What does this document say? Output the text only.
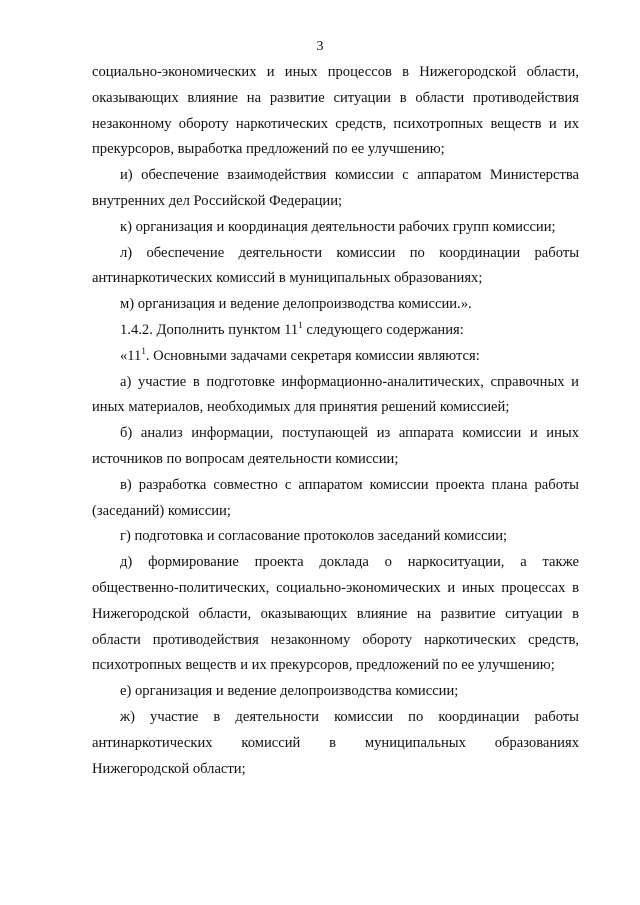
3

социально-экономических и иных процессов в Нижегородской области, оказывающих влияние на развитие ситуации в области противодействия незаконному обороту наркотических средств, психотропных веществ и их прекурсоров, выработка предложений по ее улучшению;

и) обеспечение взаимодействия комиссии с аппаратом Министерства внутренних дел Российской Федерации;

к) организация и координация деятельности рабочих групп комиссии;

л) обеспечение деятельности комиссии по координации работы антинаркотических комиссий в муниципальных образованиях;

м) организация и ведение делопроизводства комиссии.».

1.4.2. Дополнить пунктом $11^1$ следующего содержания:

«$11^1$. Основными задачами секретаря комиссии являются:

а) участие в подготовке информационно-аналитических, справочных и иных материалов, необходимых для принятия решений комиссией;

б) анализ информации, поступающей из аппарата комиссии и иных источников по вопросам деятельности комиссии;

в) разработка совместно с аппаратом комиссии проекта плана работы (заседаний) комиссии;

г) подготовка и согласование протоколов заседаний комиссии;

д) формирование проекта доклада о наркоситуации, а также общественно-политических, социально-экономических и иных процессах в Нижегородской области, оказывающих влияние на развитие ситуации в области противодействия незаконному обороту наркотических средств, психотропных веществ и их прекурсоров, предложений по ее улучшению;

е) организация и ведение делопроизводства комиссии;

ж) участие в деятельности комиссии по координации работы антинаркотических комиссий в муниципальных образованиях Нижегородской области;
